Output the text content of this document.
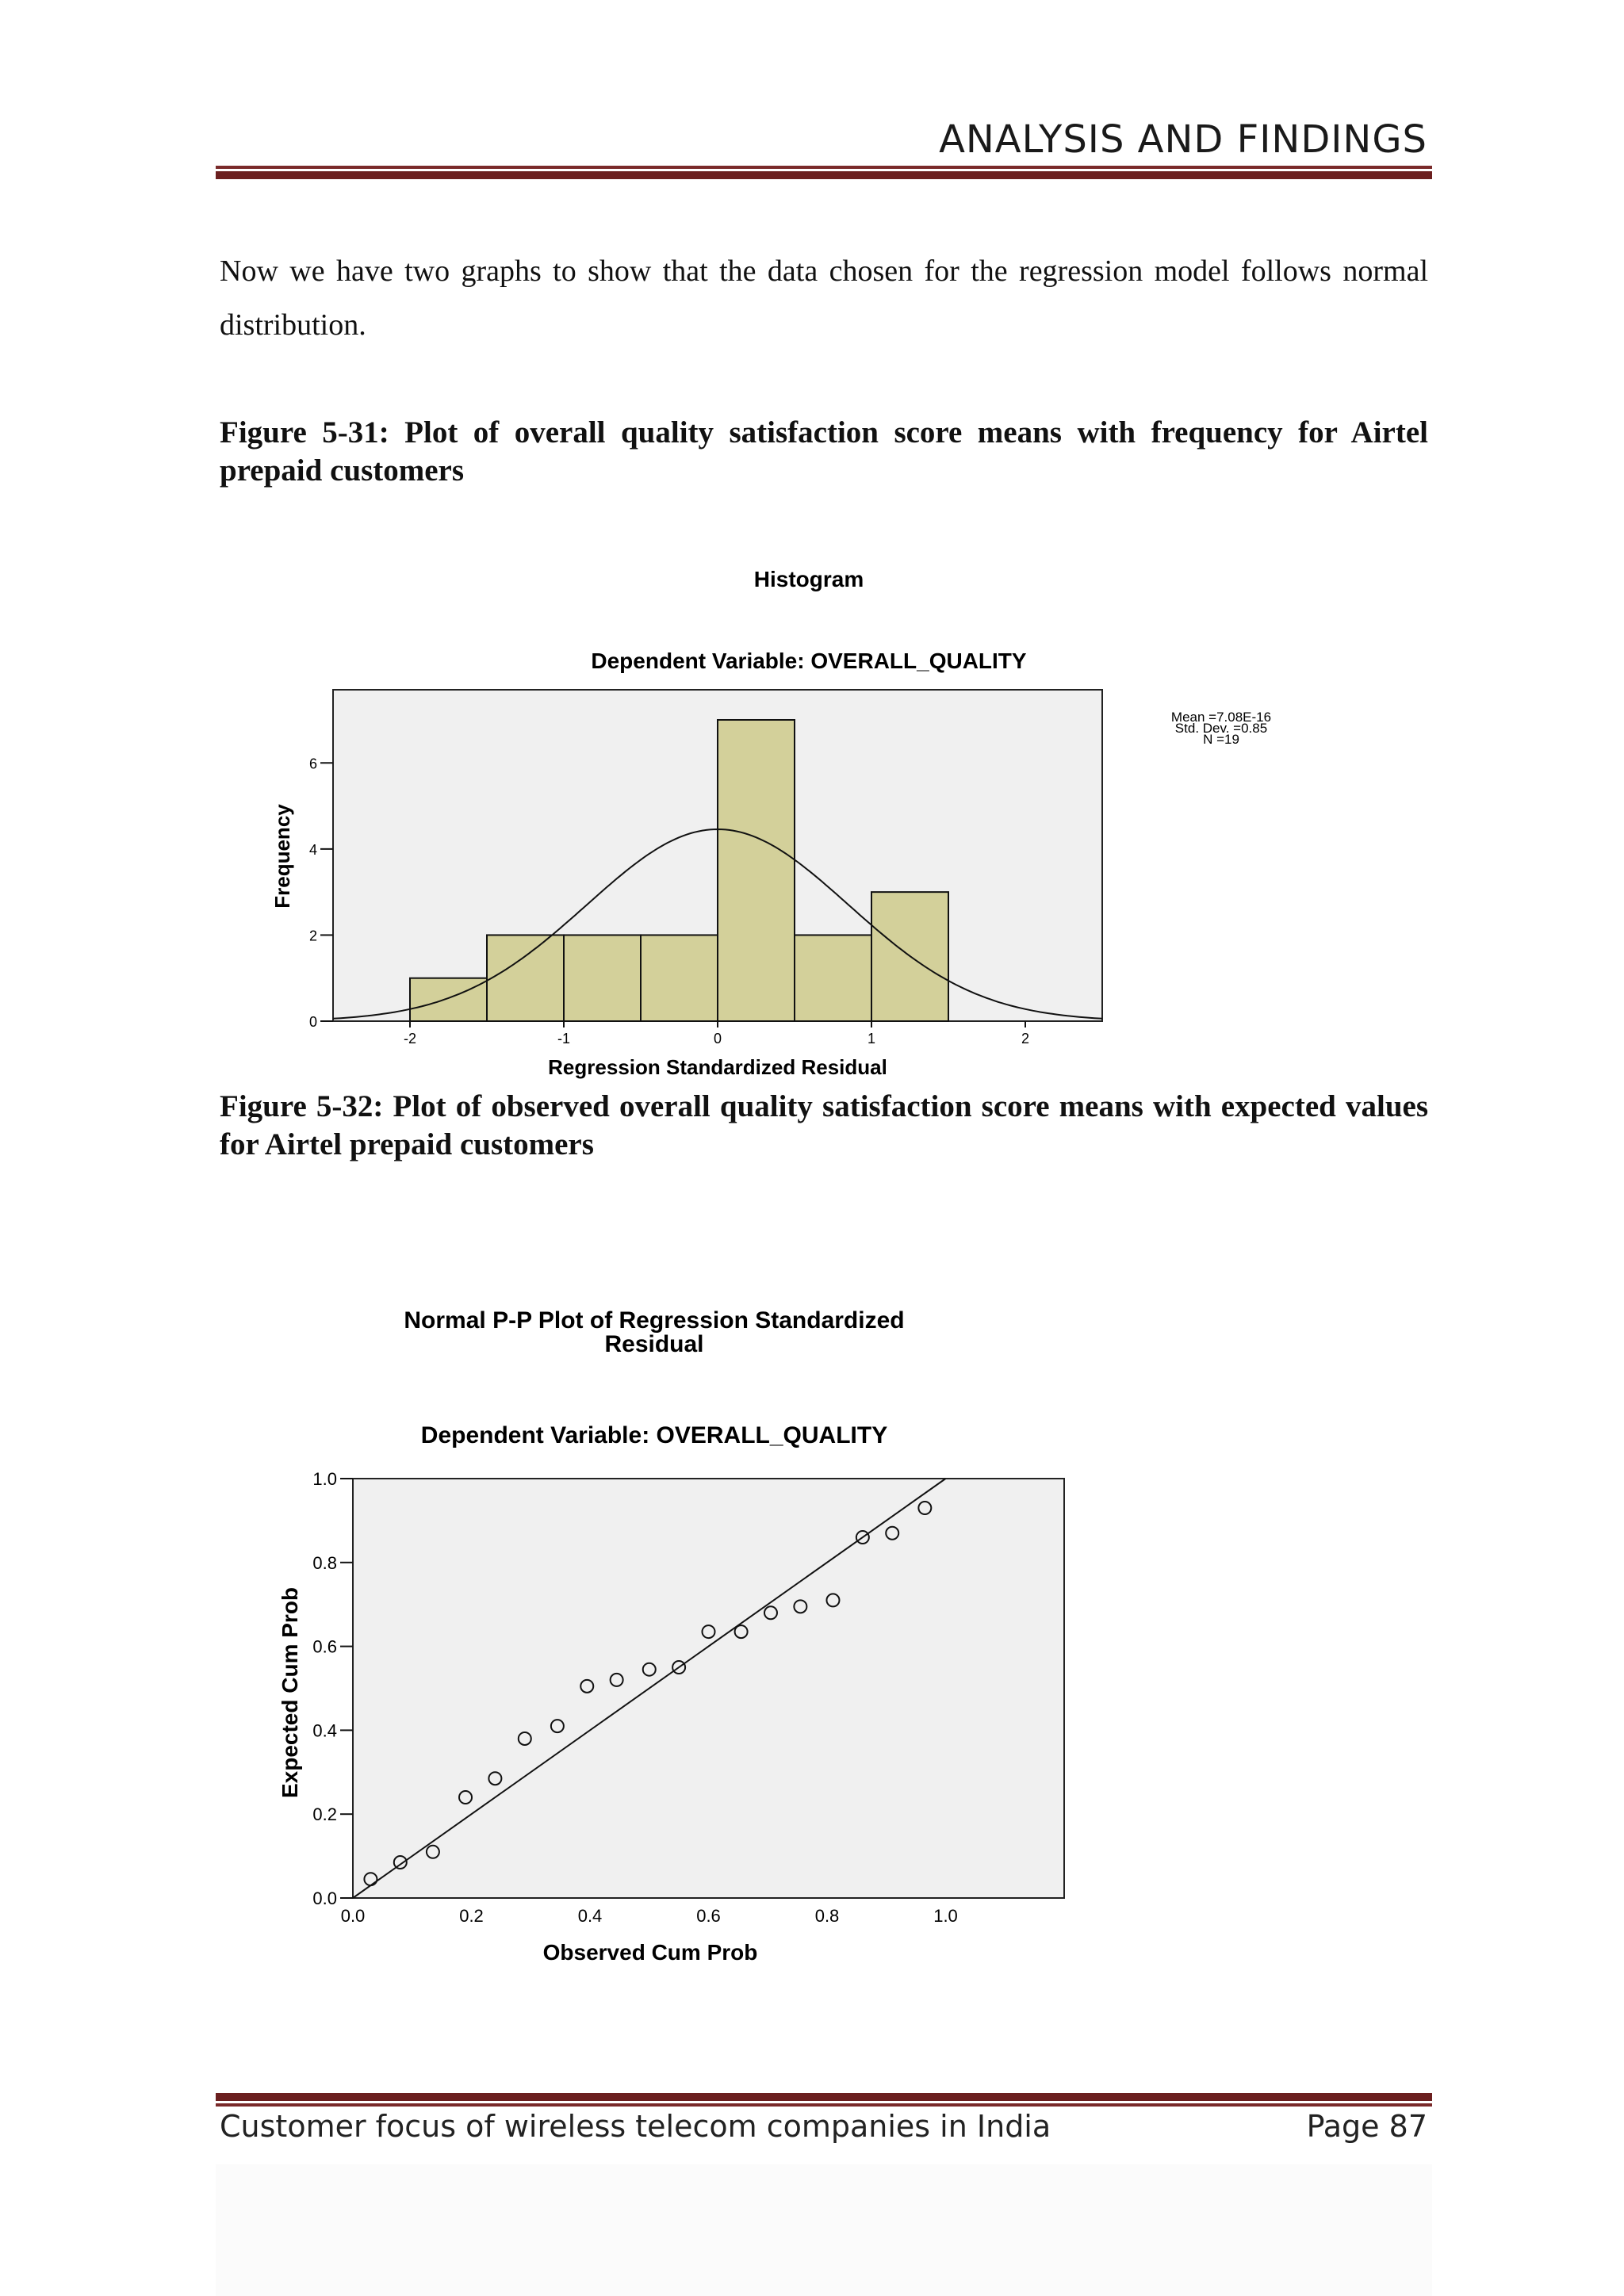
ANALYSIS AND FINDINGS
Now we have two graphs to show that the data chosen for the regression model follows normal distribution.
Figure 5-31: Plot of overall quality satisfaction score means with frequency for Airtel prepaid customers
Histogram
Dependent Variable: OVERALL_QUALITY
0
2
4
6
-2	-1	0	1	2
Regression Standardized Residual
Frequency
Mean =7.08E-16
Std. Dev. =0.85
N =19
Figure 5-32: Plot of observed overall quality satisfaction score means with expected values for Airtel prepaid customers
Normal P-P Plot of Regression Standardized Residual
Dependent Variable: OVERALL_QUALITY
0.0
0.2
0.4
0.6
0.8
1.0
0.0	0.2	0.4	0.6	0.8	1.0
Observed Cum Prob
Expected Cum Prob
Customer focus of wireless telecom companies in India	Page 87
